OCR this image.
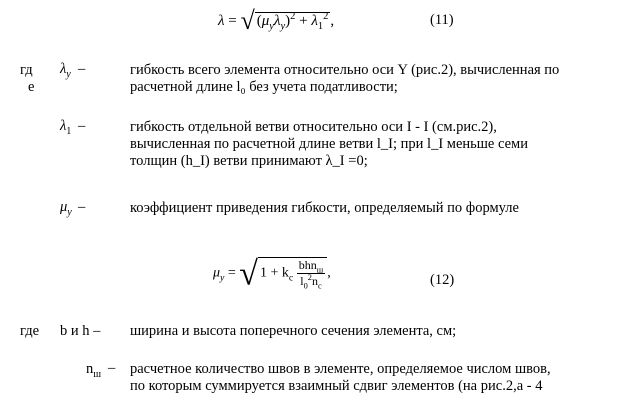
λ = √ $(\mu_y\lambda_y)^2 + \lambda_1^2$ ,	(11)
гд
е
$\lambda_y$ –	гибкость всего элемента относительно оси Y (рис.2), вычисленная по
расчетной длине l₀ без учета податливости;
$\lambda_1$ –	гибкость отдельной ветви относительно оси I - I (см.рис.2),
вычисленная по расчетной длине ветви l_I; при l_I меньше семи
толщин (h_I) ветви принимают λ_I =0;
$\mu_y$ –	коэффициент приведения гибкости, определяемый по формуле
$\mu_y$ = √ $1 + k_c \frac{bhn_ш}{l_0^2n_c}$ ,	(12)
где b и h – ширина и высота поперечного сечения элемента, см;
$n_ш$ – расчетное количество швов в элементе, определяемое числом швов,
по которым суммируется взаимный сдвиг элементов (на рис.2,а - 4
